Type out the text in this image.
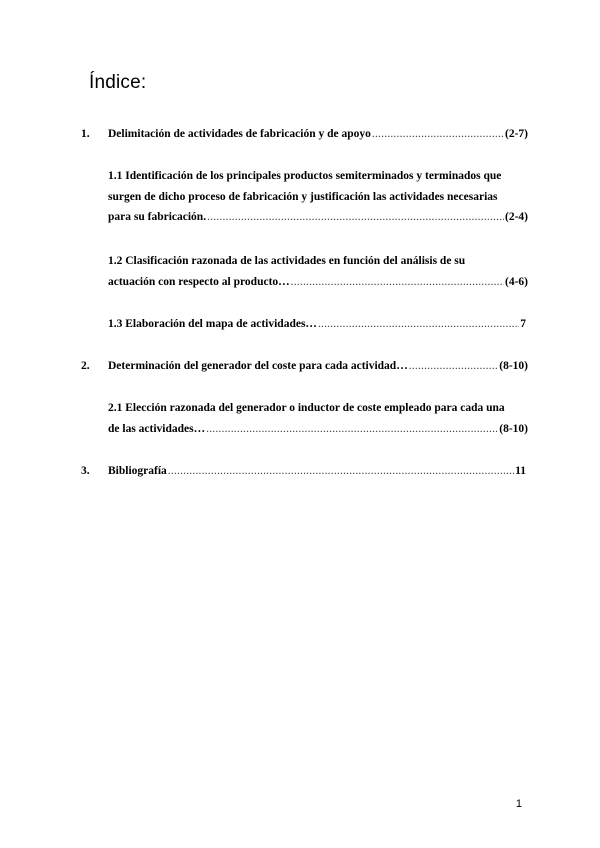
Índice:
1. Delimitación de actividades de fabricación y de apoyo .....	(2-7)
1.1 Identificación de los principales productos semiterminados y terminados que
surgen de dicho proceso de fabricación y justificación las actividades necesarias
para su fabricación. .....	(2-4)
1.2 Clasificación razonada de las actividades en función del análisis de su
actuación con respecto al producto… .....	(4-6)
1.3 Elaboración del mapa de actividades… .....	7
2. Determinación del generador del coste para cada actividad… .....	(8-10)
2.1 Elección razonada del generador o inductor de coste empleado para cada una
de las actividades… .....	(8-10)
3. Bibliografía .....	11
1
